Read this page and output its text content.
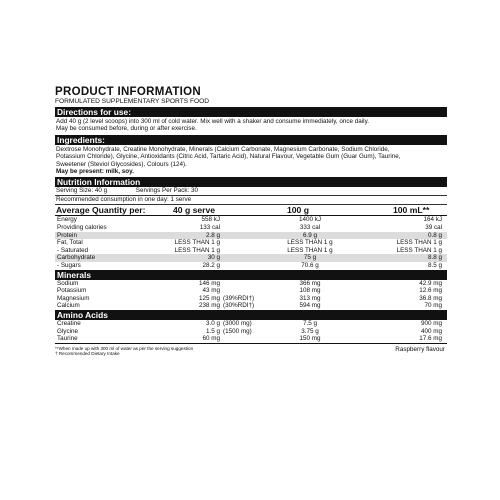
PRODUCT INFORMATION
FORMULATED SUPPLEMENTARY SPORTS FOOD
Directions for use:
Add 40 g (2 level scoops) into 300 ml of cold water. Mix well with a shaker and consume immediately, once daily.
May be consumed before, during or after exercise.
Ingredients:
Dextrose Monohydrate, Creatine Monohydrate, Minerals (Calcium Carbonate, Magnesium Carbonate, Sodium Chloride,
Potassium Chloride), Glycine, Antioxidants (Citric Acid, Tartaric Acid), Natural Flavour, Vegetable Gum (Guar Gum), Taurine,
Sweetener (Steviol Glycosides), Colours (124).
May be present: milk, soy.
Nutrition Information
Serving Size: 40 g	Servings Per Pack: 30
Recommended consumption in one day: 1 serve
Average Quantity per:	40 g serve	100 g	100 mL**
Energy	558 kJ	1400 kJ	164 kJ
Providing calories	133 cal	333 cal	39 cal
Protein	2.8 g	6.9 g	0.8 g
Fat, Total	LESS THAN 1 g	LESS THAN 1 g	LESS THAN 1 g
- Saturated	LESS THAN 1 g	LESS THAN 1 g	LESS THAN 1 g
Carbohydrate	30 g	75 g	8.8 g
- Sugars	28.2 g	70.6 g	8.5 g
Minerals
Sodium	146 mg	366 mg	42.9 mg
Potassium	43 mg	108 mg	12.6 mg
Magnesium	125 mg (39%RDI†)	313 mg	36.8 mg
Calcium	238 mg (30%RDI†)	594 mg	70 mg
Amino Acids
Creatine	3.0 g (3000 mg)	7.5 g	900 mg
Glycine	1.5 g (1500 mg)	3.75 g	400 mg
Taurine	60 mg	150 mg	17.6 mg
**When made up with 300 ml of water as per the serving suggestion
† Recommended Dietary Intake
Raspberry flavour
